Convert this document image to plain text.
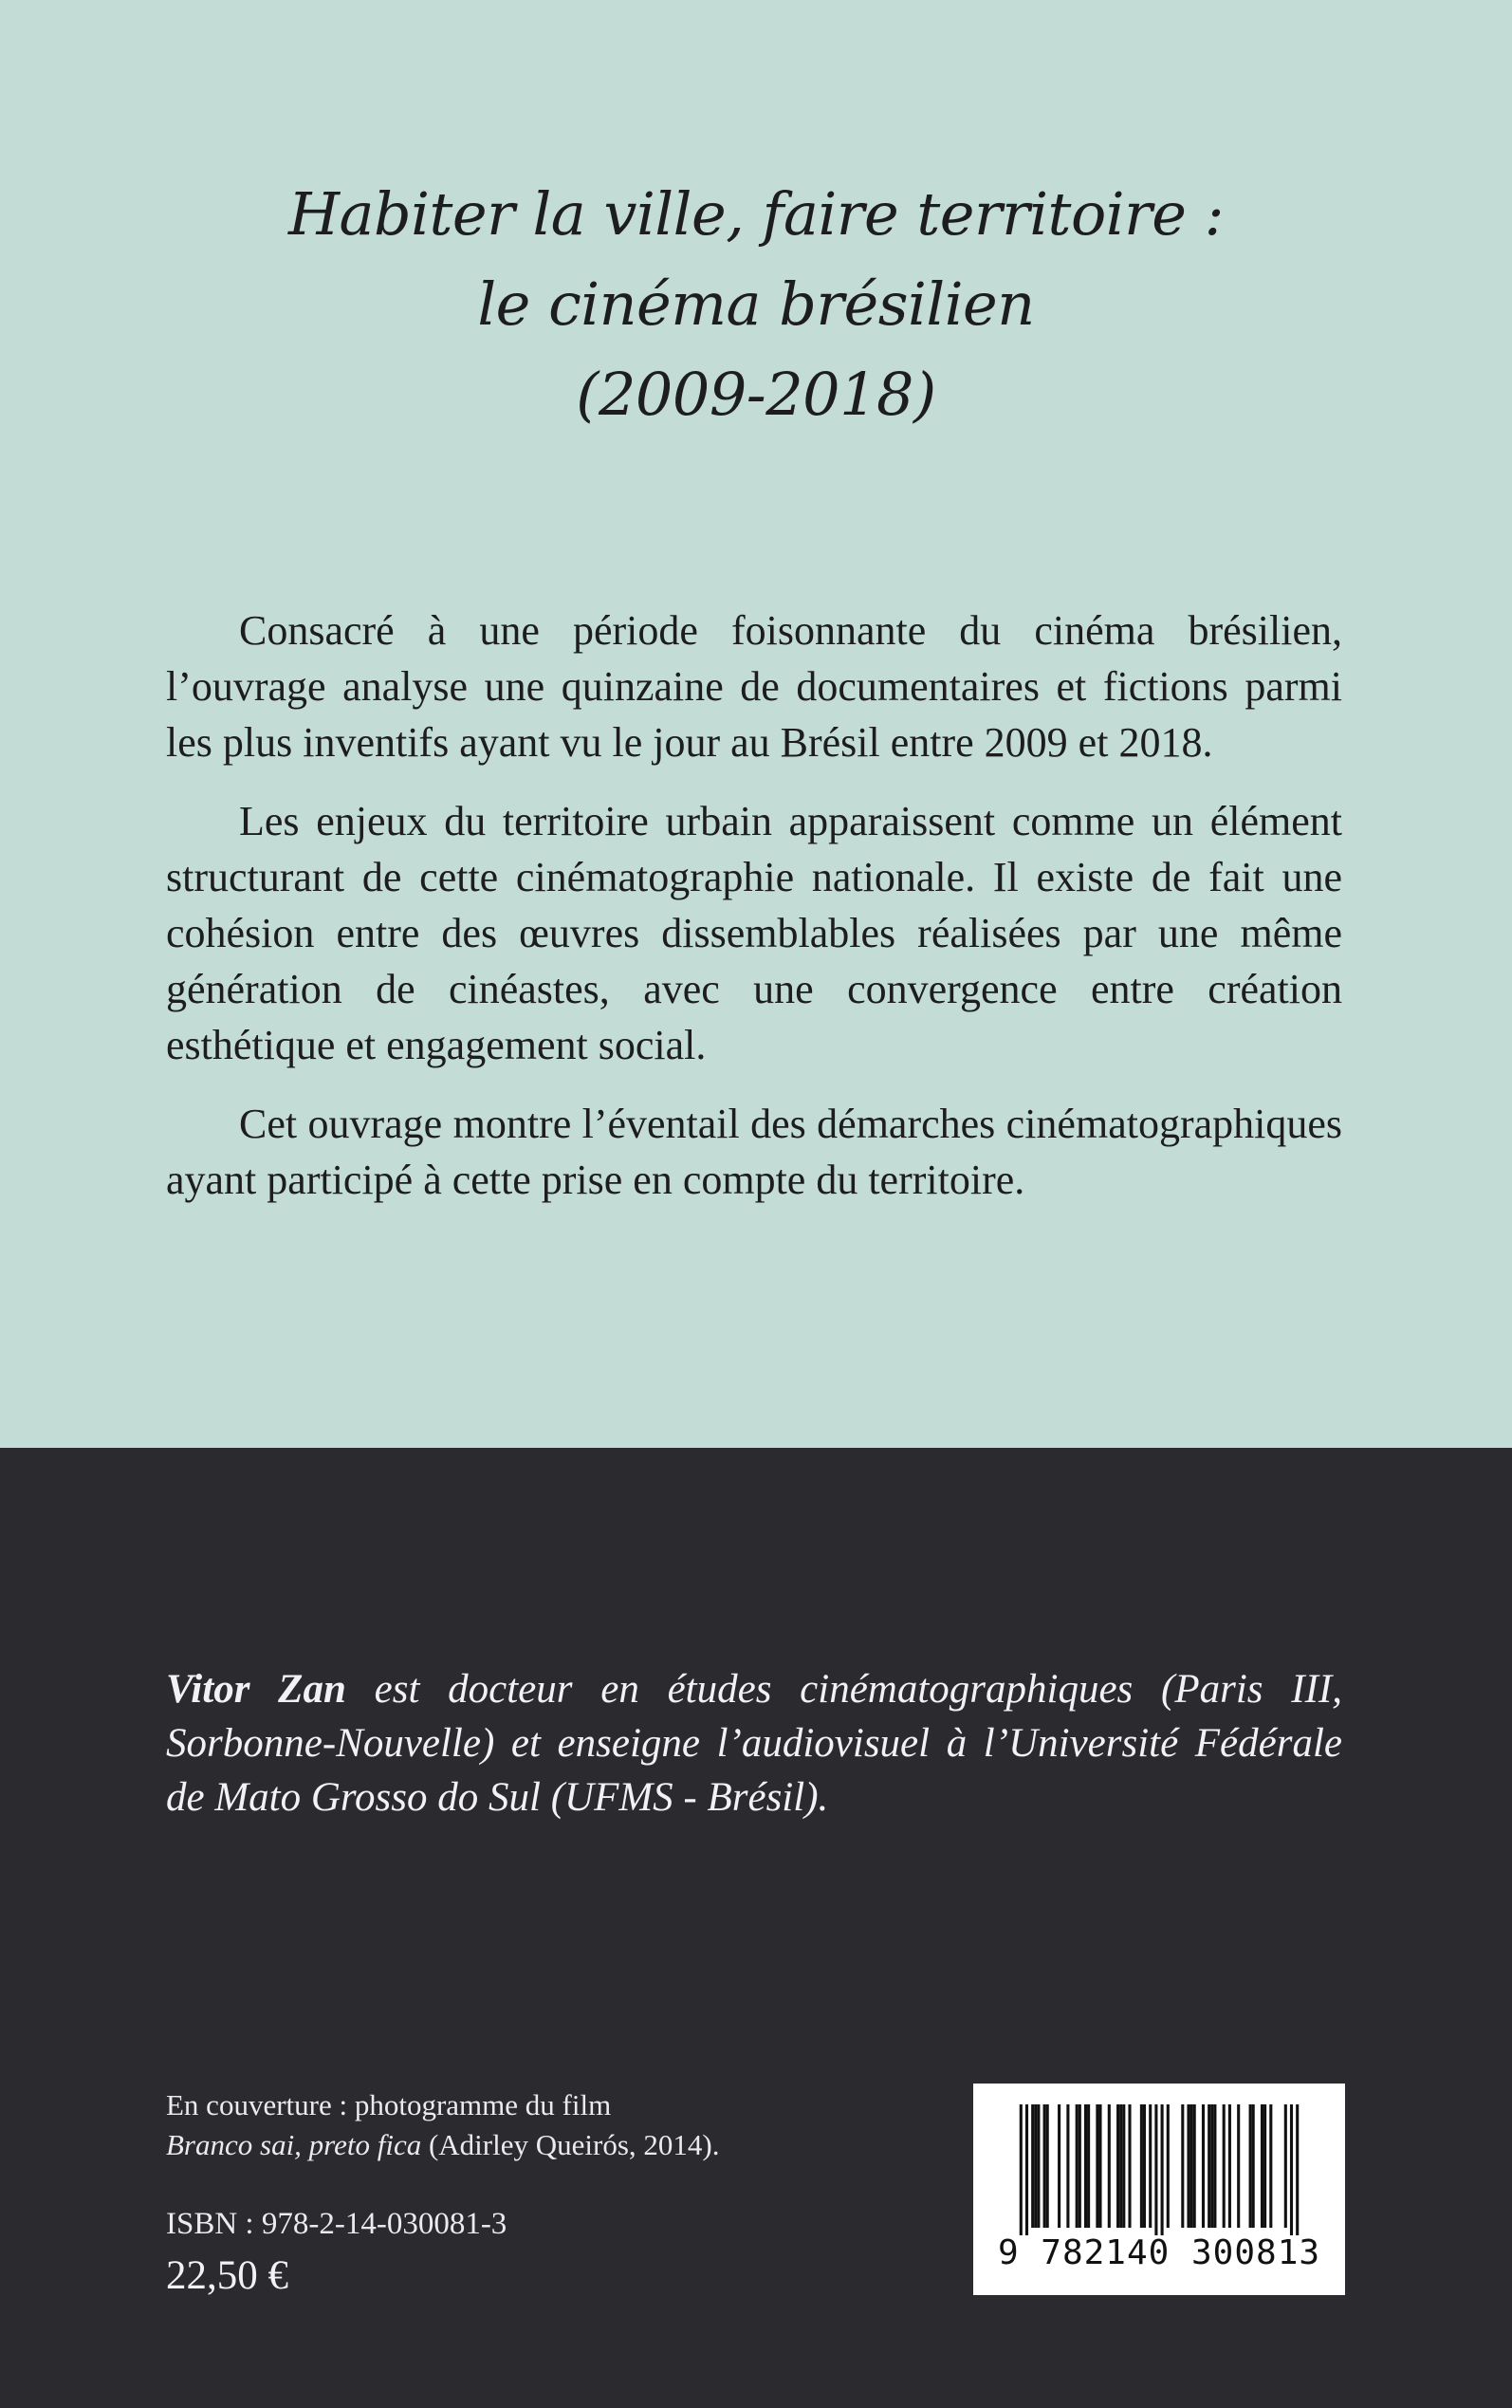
Habiter la ville, faire territoire :
le cinéma brésilien
(2009-2018)

Consacré à une période foisonnante du cinéma brésilien, l’ouvrage analyse une quinzaine de documentaires et fictions parmi les plus inventifs ayant vu le jour au Brésil entre 2009 et 2018.

Les enjeux du territoire urbain apparaissent comme un élément structurant de cette cinématographie nationale. Il existe de fait une cohésion entre des œuvres dissemblables réalisées par une même génération de cinéastes, avec une convergence entre création esthétique et engagement social.

Cet ouvrage montre l’éventail des démarches cinématographiques ayant participé à cette prise en compte du territoire.

Vitor Zan est docteur en études cinématographiques (Paris III, Sorbonne-Nouvelle) et enseigne l’audiovisuel à l’Université Fédérale de Mato Grosso do Sul (UFMS - Brésil).
En couverture : photogramme du film
Branco sai, preto fica (Adirley Queirós, 2014).
ISBN : 978-2-14-030081-3
22,50 €
9 782140 300813
